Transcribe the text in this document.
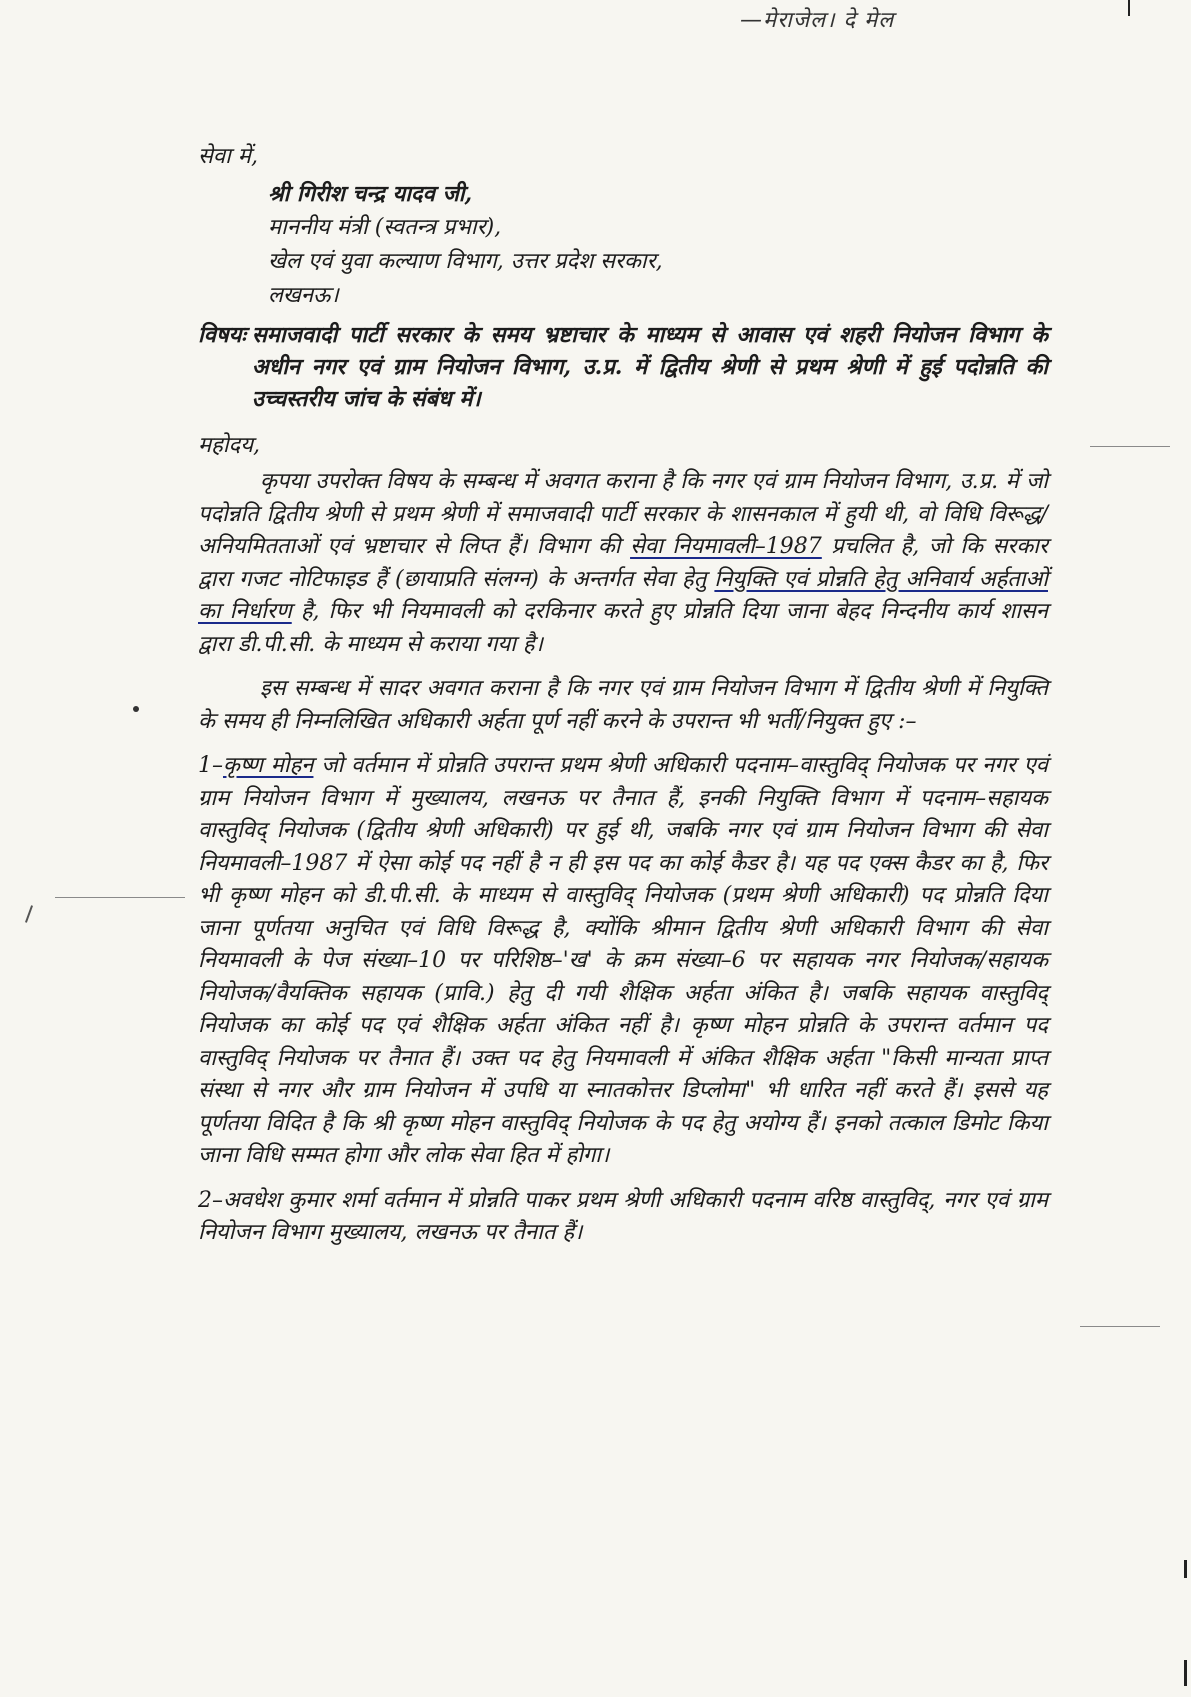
—मेराजेल। दे मेल

सेवा में,

श्री गिरीश चन्द्र यादव जी,

माननीय मंत्री (स्वतन्त्र प्रभार),

खेल एवं युवा कल्याण विभाग, उत्तर प्रदेश सरकार,

लखनऊ।

विषयः समाजवादी पार्टी सरकार के समय भ्रष्टाचार के माध्यम से आवास एवं शहरी नियोजन विभाग के अधीन नगर एवं ग्राम नियोजन विभाग, उ.प्र. में द्वितीय श्रेणी से प्रथम श्रेणी में हुई पदोन्नति की उच्चस्तरीय जांच के संबंध में।

महोदय,

कृपया उपरोक्त विषय के सम्बन्ध में अवगत कराना है कि नगर एवं ग्राम नियोजन विभाग, उ.प्र. में जो पदोन्नति द्वितीय श्रेणी से प्रथम श्रेणी में समाजवादी पार्टी सरकार के शासनकाल में हुयी थी, वो विधि विरूद्ध/अनियमितताओं एवं भ्रष्टाचार से लिप्त हैं। विभाग की सेवा नियमावली–1987 प्रचलित है, जो कि सरकार द्वारा गजट नोटिफाइड हैं (छायाप्रति संलग्न) के अन्तर्गत सेवा हेतु नियुक्ति एवं प्रोन्नति हेतु अनिवार्य अर्हताओं का निर्धारण है, फिर भी नियमावली को दरकिनार करते हुए प्रोन्नति दिया जाना बेहद निन्दनीय कार्य शासन द्वारा डी.पी.सी. के माध्यम से कराया गया है।

इस सम्बन्ध में सादर अवगत कराना है कि नगर एवं ग्राम नियोजन विभाग में द्वितीय श्रेणी में नियुक्ति के समय ही निम्नलिखित अधिकारी अर्हता पूर्ण नहीं करने के उपरान्त भी भर्ती/नियुक्त हुए :–

1–कृष्ण मोहन जो वर्तमान में प्रोन्नति उपरान्त प्रथम श्रेणी अधिकारी पदनाम–वास्तुविद् नियोजक पर नगर एवं ग्राम नियोजन विभाग में मुख्यालय, लखनऊ पर तैनात हैं, इनकी नियुक्ति विभाग में पदनाम–सहायक वास्तुविद् नियोजक (द्वितीय श्रेणी अधिकारी) पर हुई थी, जबकि नगर एवं ग्राम नियोजन विभाग की सेवा नियमावली–1987 में ऐसा कोई पद नहीं है न ही इस पद का कोई कैडर है। यह पद एक्स कैडर का है, फिर भी कृष्ण मोहन को डी.पी.सी. के माध्यम से वास्तुविद् नियोजक (प्रथम श्रेणी अधिकारी) पद प्रोन्नति दिया जाना पूर्णतया अनुचित एवं विधि विरूद्ध है, क्योंकि श्रीमान द्वितीय श्रेणी अधिकारी विभाग की सेवा नियमावली के पेज संख्या–10 पर परिशिष्ठ–'ख' के क्रम संख्या–6 पर सहायक नगर नियोजक/सहायक नियोजक/वैयक्तिक सहायक (प्रावि.) हेतु दी गयी शैक्षिक अर्हता अंकित है। जबकि सहायक वास्तुविद् नियोजक का कोई पद एवं शैक्षिक अर्हता अंकित नहीं है। कृष्ण मोहन प्रोन्नति के उपरान्त वर्तमान पद वास्तुविद् नियोजक पर तैनात हैं। उक्त पद हेतु नियमावली में अंकित शैक्षिक अर्हता "किसी मान्यता प्राप्त संस्था से नगर और ग्राम नियोजन में उपधि या स्नातकोत्तर डिप्लोमा" भी धारित नहीं करते हैं। इससे यह पूर्णतया विदित है कि श्री कृष्ण मोहन वास्तुविद् नियोजक के पद हेतु अयोग्य हैं। इनको तत्काल डिमोट किया जाना विधि सम्मत होगा और लोक सेवा हित में होगा।

2–अवधेश कुमार शर्मा वर्तमान में प्रोन्नति पाकर प्रथम श्रेणी अधिकारी पदनाम वरिष्ठ वास्तुविद्, नगर एवं ग्राम नियोजन विभाग मुख्यालय, लखनऊ पर तैनात हैं।
